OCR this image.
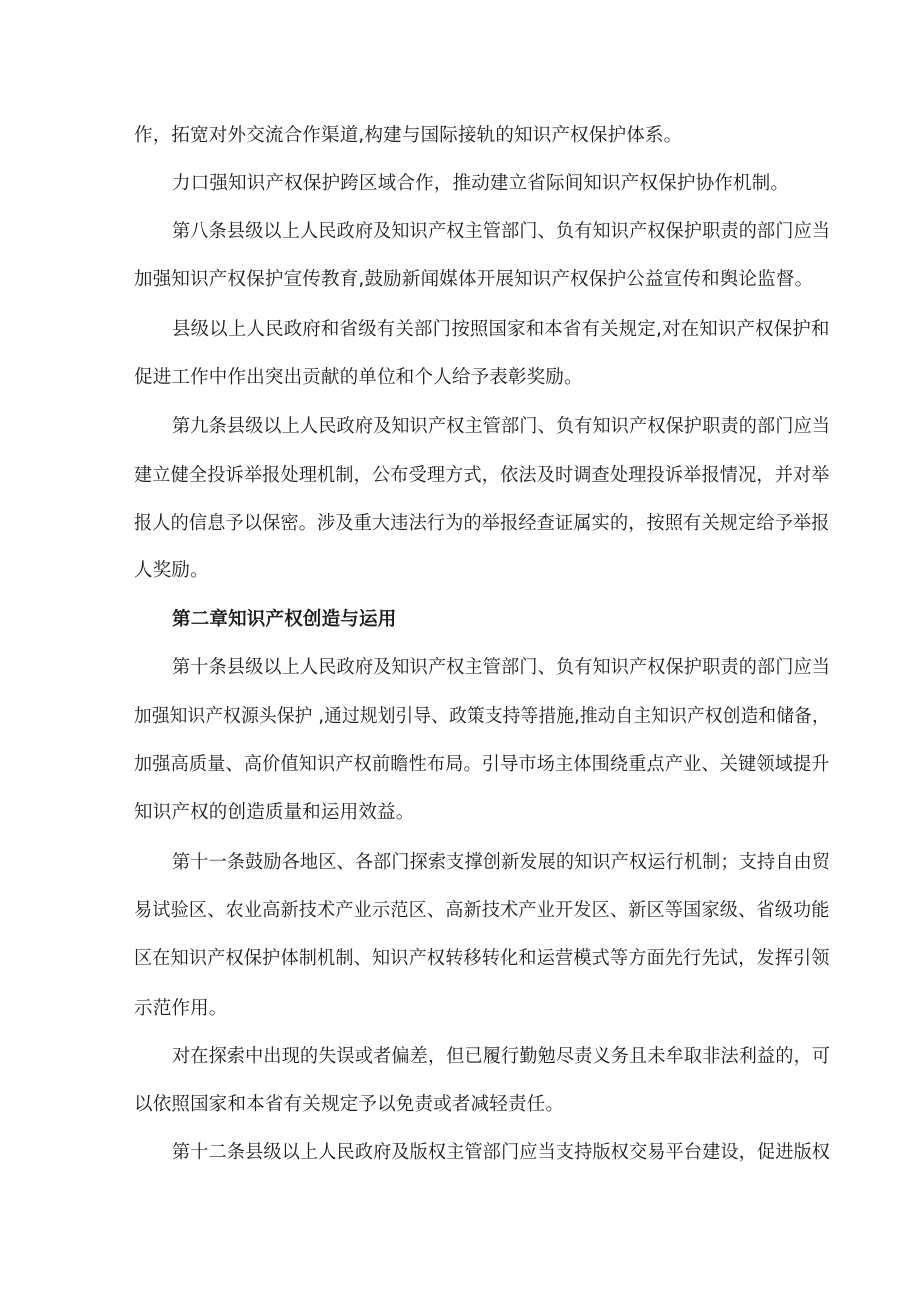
作，拓宽对外交流合作渠道,构建与国际接轨的知识产权保护体系。
力口强知识产权保护跨区域合作，推动建立省际间知识产权保护协作机制。
第八条县级以上人民政府及知识产权主管部门、负有知识产权保护职责的部门应当
加强知识产权保护宣传教育,鼓励新闻媒体开展知识产权保护公益宣传和舆论监督。
县级以上人民政府和省级有关部门按照国家和本省有关规定,对在知识产权保护和
促进工作中作出突出贡献的单位和个人给予表彰奖励。
第九条县级以上人民政府及知识产权主管部门、负有知识产权保护职责的部门应当
建立健全投诉举报处理机制，公布受理方式，依法及时调查处理投诉举报情况，并对举
报人的信息予以保密。涉及重大违法行为的举报经查证属实的，按照有关规定给予举报
人奖励。
第二章知识产权创造与运用
第十条县级以上人民政府及知识产权主管部门、负有知识产权保护职责的部门应当
加强知识产权源头保护 ,通过规划引导、政策支持等措施,推动自主知识产权创造和储备，
加强高质量、高价值知识产权前瞻性布局。引导市场主体围绕重点产业、关键领域提升
知识产权的创造质量和运用效益。
第十一条鼓励各地区、各部门探索支撑创新发展的知识产权运行机制；支持自由贸
易试验区、农业高新技术产业示范区、高新技术产业开发区、新区等国家级、省级功能
区在知识产权保护体制机制、知识产权转移转化和运营模式等方面先行先试，发挥引领
示范作用。
对在探索中出现的失误或者偏差，但已履行勤勉尽责义务且未牟取非法利益的，可
以依照国家和本省有关规定予以免责或者减轻责任。
第十二条县级以上人民政府及版权主管部门应当支持版权交易平台建设，促进版权
